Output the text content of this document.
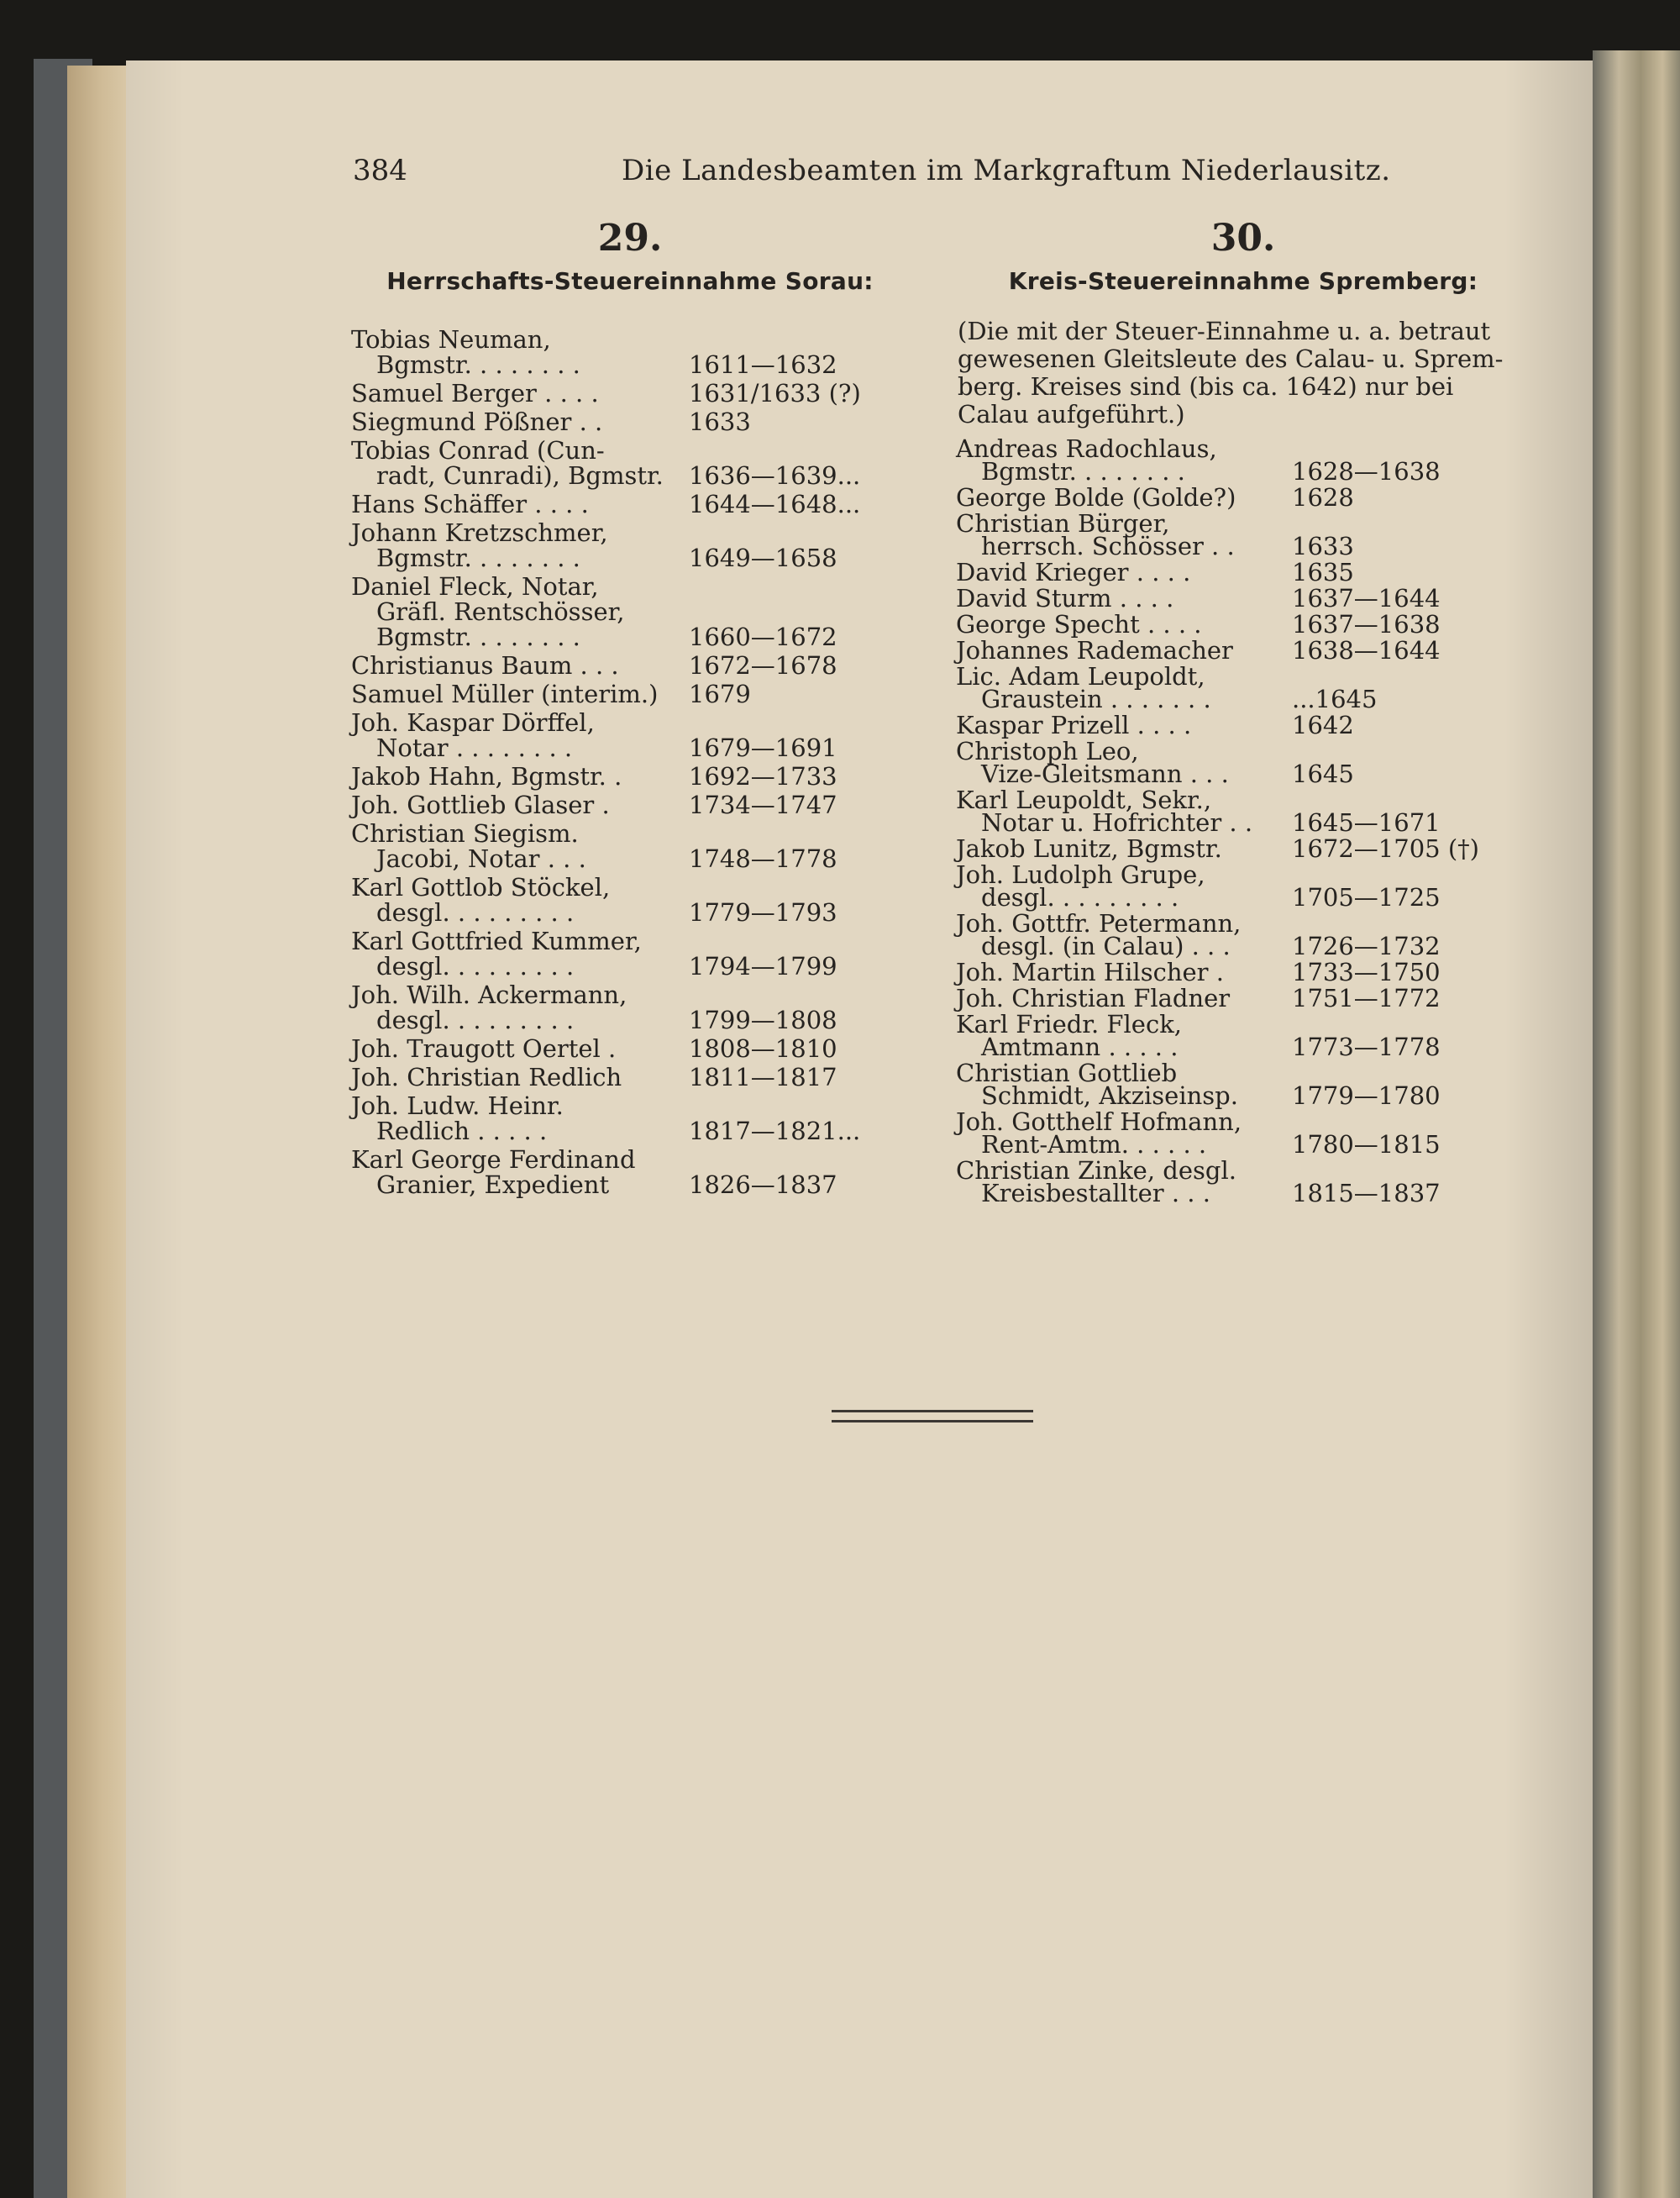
384	Die Landesbeamten im Markgraftum Niederlausitz.
29.
Herrschafts-Steuereinnahme Sorau:
Tobias Neuman,
Bgmstr. . . . . . . .	1611—1632
Samuel Berger . . . .	1631/1633 (?)
Siegmund Pößner . .	1633
Tobias Conrad (Cun-
radt, Cunradi), Bgmstr. 1636—1639...
Hans Schäffer . . . .	1644—1648...
Johann Kretzschmer,
Bgmstr. . . . . . . .	1649—1658
Daniel Fleck, Notar,
Gräfl. Rentschösser,
Bgmstr. . . . . . . .	1660—1672
Christianus Baum . . .	1672—1678
Samuel Müller (interim.) 1679
Joh. Kaspar Dörffel,
Notar . . . . . . . .	1679—1691
Jakob Hahn, Bgmstr. .	1692—1733
Joh. Gottlieb Glaser .	1734—1747
Christian Siegism.
Jacobi, Notar . . .	1748—1778
Karl Gottlob Stöckel,
desgl. . . . . . . . .	1779—1793
Karl Gottfried Kummer,
desgl. . . . . . . . .	1794—1799
Joh. Wilh. Ackermann,
desgl. . . . . . . . .	1799—1808
Joh. Traugott Oertel .	1808—1810
Joh. Christian Redlich	1811—1817
Joh. Ludw. Heinr.
Redlich . . . . .	1817—1821...
Karl George Ferdinand
Granier, Expedient	1826—1837
30.
Kreis-Steuereinnahme Spremberg:
(Die mit der Steuer-Einnahme u. a. betraut
gewesenen Gleitsleute des Calau- u. Sprem-
berg. Kreises sind (bis ca. 1642) nur bei
Calau aufgeführt.)
Andreas Radochlaus,
Bgmstr. . . . . . . .	1628—1638
George Bolde (Golde?) 1628
Christian Bürger,
herrsch. Schösser . . 1633
David Krieger . . . .	1635
David Sturm . . . .	1637—1644
George Specht . . . .	1637—1638
Johannes Rademacher 1638—1644
Lic. Adam Leupoldt,
Graustein . . . . . . .	...1645
Kaspar Prizell . . . .	1642
Christoph Leo,
Vize-Gleitsmann . . .	1645
Karl Leupoldt, Sekr.,
Notar u. Hofrichter . . 1645—1671
Jakob Lunitz, Bgmstr.	1672—1705 (†)
Joh. Ludolph Grupe,
desgl. . . . . . . . .	1705—1725
Joh. Gottfr. Petermann,
desgl. (in Calau) . . .	1726—1732
Joh. Martin Hilscher .	1733—1750
Joh. Christian Fladner	1751—1772
Karl Friedr. Fleck,
Amtmann . . . . .	1773—1778
Christian Gottlieb
Schmidt, Akziseinsp. 1779—1780
Joh. Gotthelf Hofmann,
Rent-Amtm. . . . . .	1780—1815
Christian Zinke, desgl.
Kreisbestallter . . .	1815—1837
